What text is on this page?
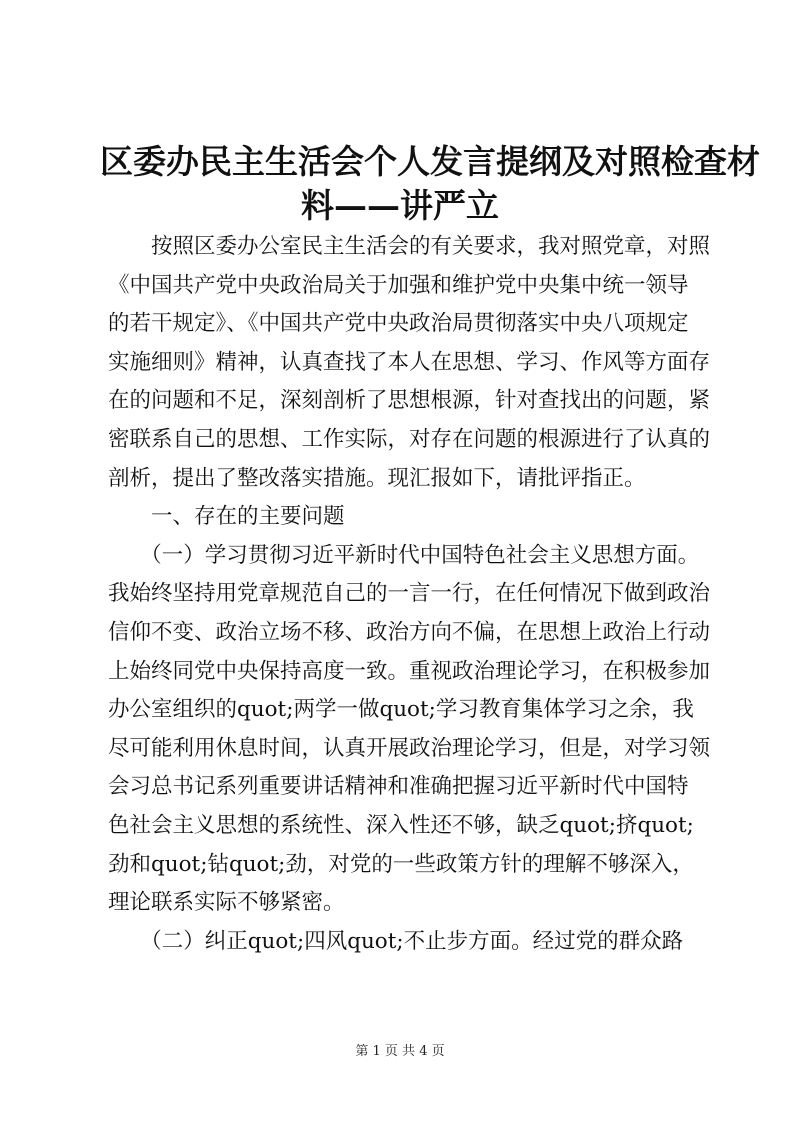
区委办民主生活会个人发言提纲及对照检查材
料——讲严立
　　按照区委办公室民主生活会的有关要求，我对照党章，对照
《中国共产党中央政治局关于加强和维护党中央集中统一领导
的若干规定》、《中国共产党中央政治局贯彻落实中央八项规定
实施细则》精神，认真查找了本人在思想、学习、作风等方面存
在的问题和不足，深刻剖析了思想根源，针对查找出的问题，紧
密联系自己的思想、工作实际，对存在问题的根源进行了认真的
剖析，提出了整改落实措施。现汇报如下，请批评指正。
　　一、存在的主要问题
　　（一）学习贯彻习近平新时代中国特色社会主义思想方面。
我始终坚持用党章规范自己的一言一行，在任何情况下做到政治
信仰不变、政治立场不移、政治方向不偏，在思想上政治上行动
上始终同党中央保持高度一致。重视政治理论学习，在积极参加
办公室组织的quot;两学一做quot;学习教育集体学习之余，我
尽可能利用休息时间，认真开展政治理论学习，但是，对学习领
会习总书记系列重要讲话精神和准确把握习近平新时代中国特
色社会主义思想的系统性、深入性还不够，缺乏quot;挤quot;
劲和quot;钻quot;劲，对党的一些政策方针的理解不够深入，
理论联系实际不够紧密。
　　（二）纠正quot;四风quot;不止步方面。经过党的群众路
第 1 页 共 4 页
